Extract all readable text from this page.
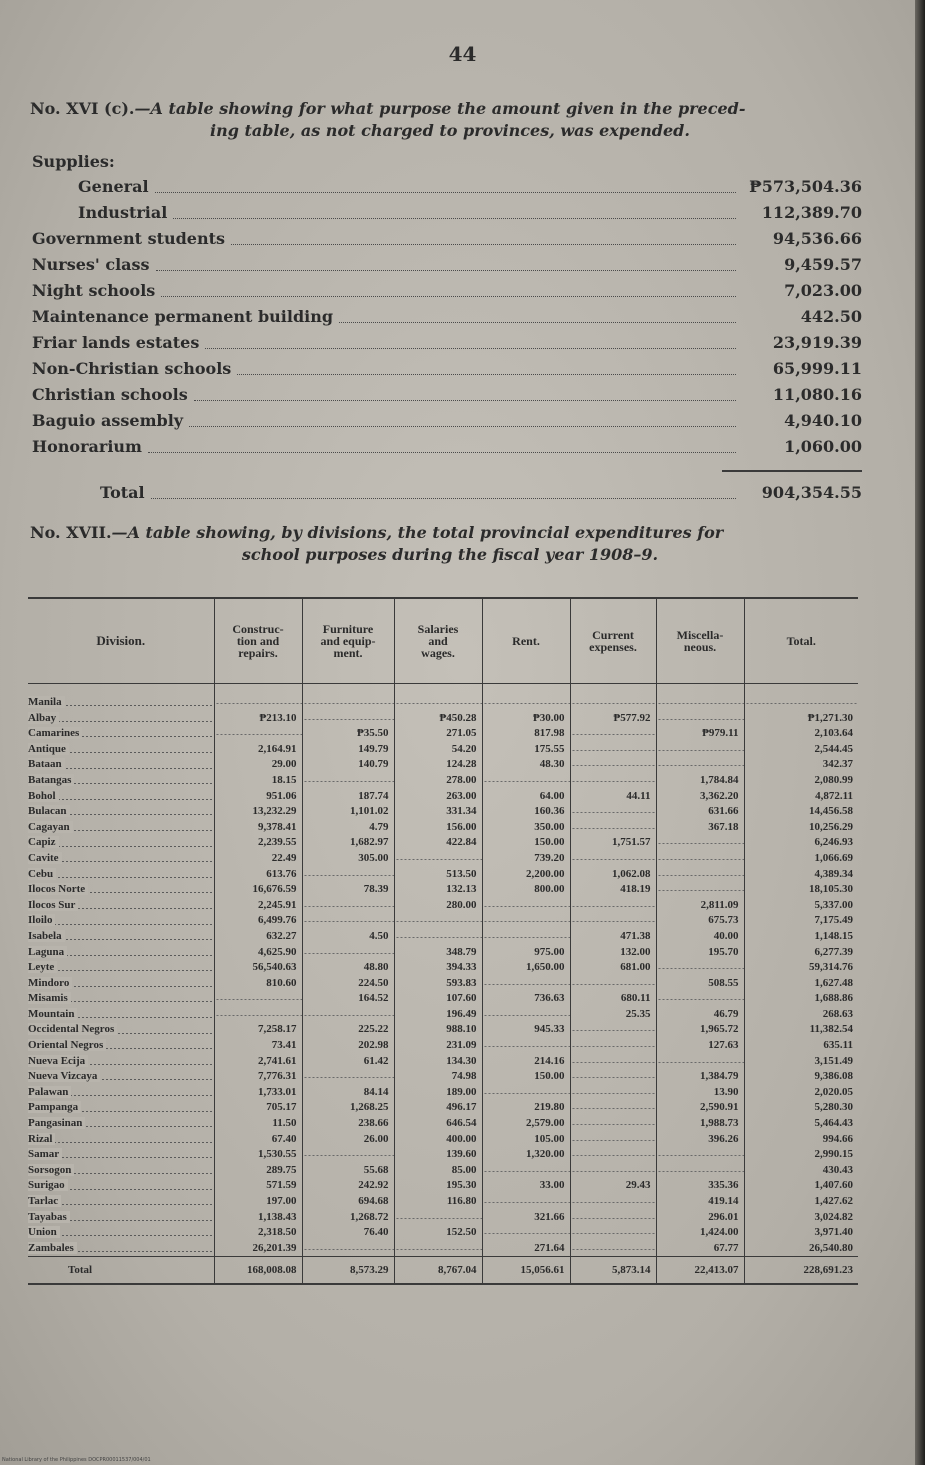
44
No. XVI (c).—A table showing for what purpose the amount given in the preced-
ing table, as not charged to provinces, was expended.
Supplies:
General	₱573,504.36
Industrial	112,389.70
Government students	94,536.66
Nurses' class	9,459.57
Night schools	7,023.00
Maintenance permanent building	442.50
Friar lands estates	23,919.39
Non-Christian schools	65,999.11
Christian schools	11,080.16
Baguio assembly	4,940.10
Honorarium	1,060.00
Total	904,354.55
No. XVII.—A table showing, by divisions, the total provincial expenditures for
school purposes during the fiscal year 1908–9.
Division.	Construc-
tion and
repairs.	Furniture
and equip-
ment.	Salaries
and
wages.	Rent.	Current
expenses.	Miscella-
neous.	Total.

Manila							
Albay	₱213.10		₱450.28	₱30.00	₱577.92		₱1,271.30
Camarines		₱35.50	271.05	817.98		₱979.11	2,103.64
Antique	2,164.91	149.79	54.20	175.55			2,544.45
Bataan	29.00	140.79	124.28	48.30			342.37
Batangas	18.15		278.00			1,784.84	2,080.99
Bohol	951.06	187.74	263.00	64.00	44.11	3,362.20	4,872.11
Bulacan	13,232.29	1,101.02	331.34	160.36		631.66	14,456.58
Cagayan	9,378.41	4.79	156.00	350.00		367.18	10,256.29
Capiz	2,239.55	1,682.97	422.84	150.00	1,751.57		6,246.93
Cavite	22.49	305.00		739.20			1,066.69
Cebu	613.76		513.50	2,200.00	1,062.08		4,389.34
Ilocos Norte	16,676.59	78.39	132.13	800.00	418.19		18,105.30
Ilocos Sur	2,245.91		280.00			2,811.09	5,337.00
Iloilo	6,499.76					675.73	7,175.49
Isabela	632.27	4.50			471.38	40.00	1,148.15
Laguna	4,625.90		348.79	975.00	132.00	195.70	6,277.39
Leyte	56,540.63	48.80	394.33	1,650.00	681.00		59,314.76
Mindoro	810.60	224.50	593.83			508.55	1,627.48
Misamis		164.52	107.60	736.63	680.11		1,688.86
Mountain			196.49		25.35	46.79	268.63
Occidental Negros	7,258.17	225.22	988.10	945.33		1,965.72	11,382.54
Oriental Negros	73.41	202.98	231.09			127.63	635.11
Nueva Ecija	2,741.61	61.42	134.30	214.16			3,151.49
Nueva Vizcaya	7,776.31		74.98	150.00		1,384.79	9,386.08
Palawan	1,733.01	84.14	189.00			13.90	2,020.05
Pampanga	705.17	1,268.25	496.17	219.80		2,590.91	5,280.30
Pangasinan	11.50	238.66	646.54	2,579.00		1,988.73	5,464.43
Rizal	67.40	26.00	400.00	105.00		396.26	994.66
Samar	1,530.55		139.60	1,320.00			2,990.15
Sorsogon	289.75	55.68	85.00				430.43
Surigao	571.59	242.92	195.30	33.00	29.43	335.36	1,407.60
Tarlac	197.00	694.68	116.80			419.14	1,427.62
Tayabas	1,138.43	1,268.72		321.66		296.01	3,024.82
Union	2,318.50	76.40	152.50			1,424.00	3,971.40
Zambales	26,201.39			271.64		67.77	26,540.80
Total	168,008.08	8,573.29	8,767.04	15,056.61	5,873.14	22,413.07	228,691.23
National Library of the Philippines DOCPR00011537/004/01
